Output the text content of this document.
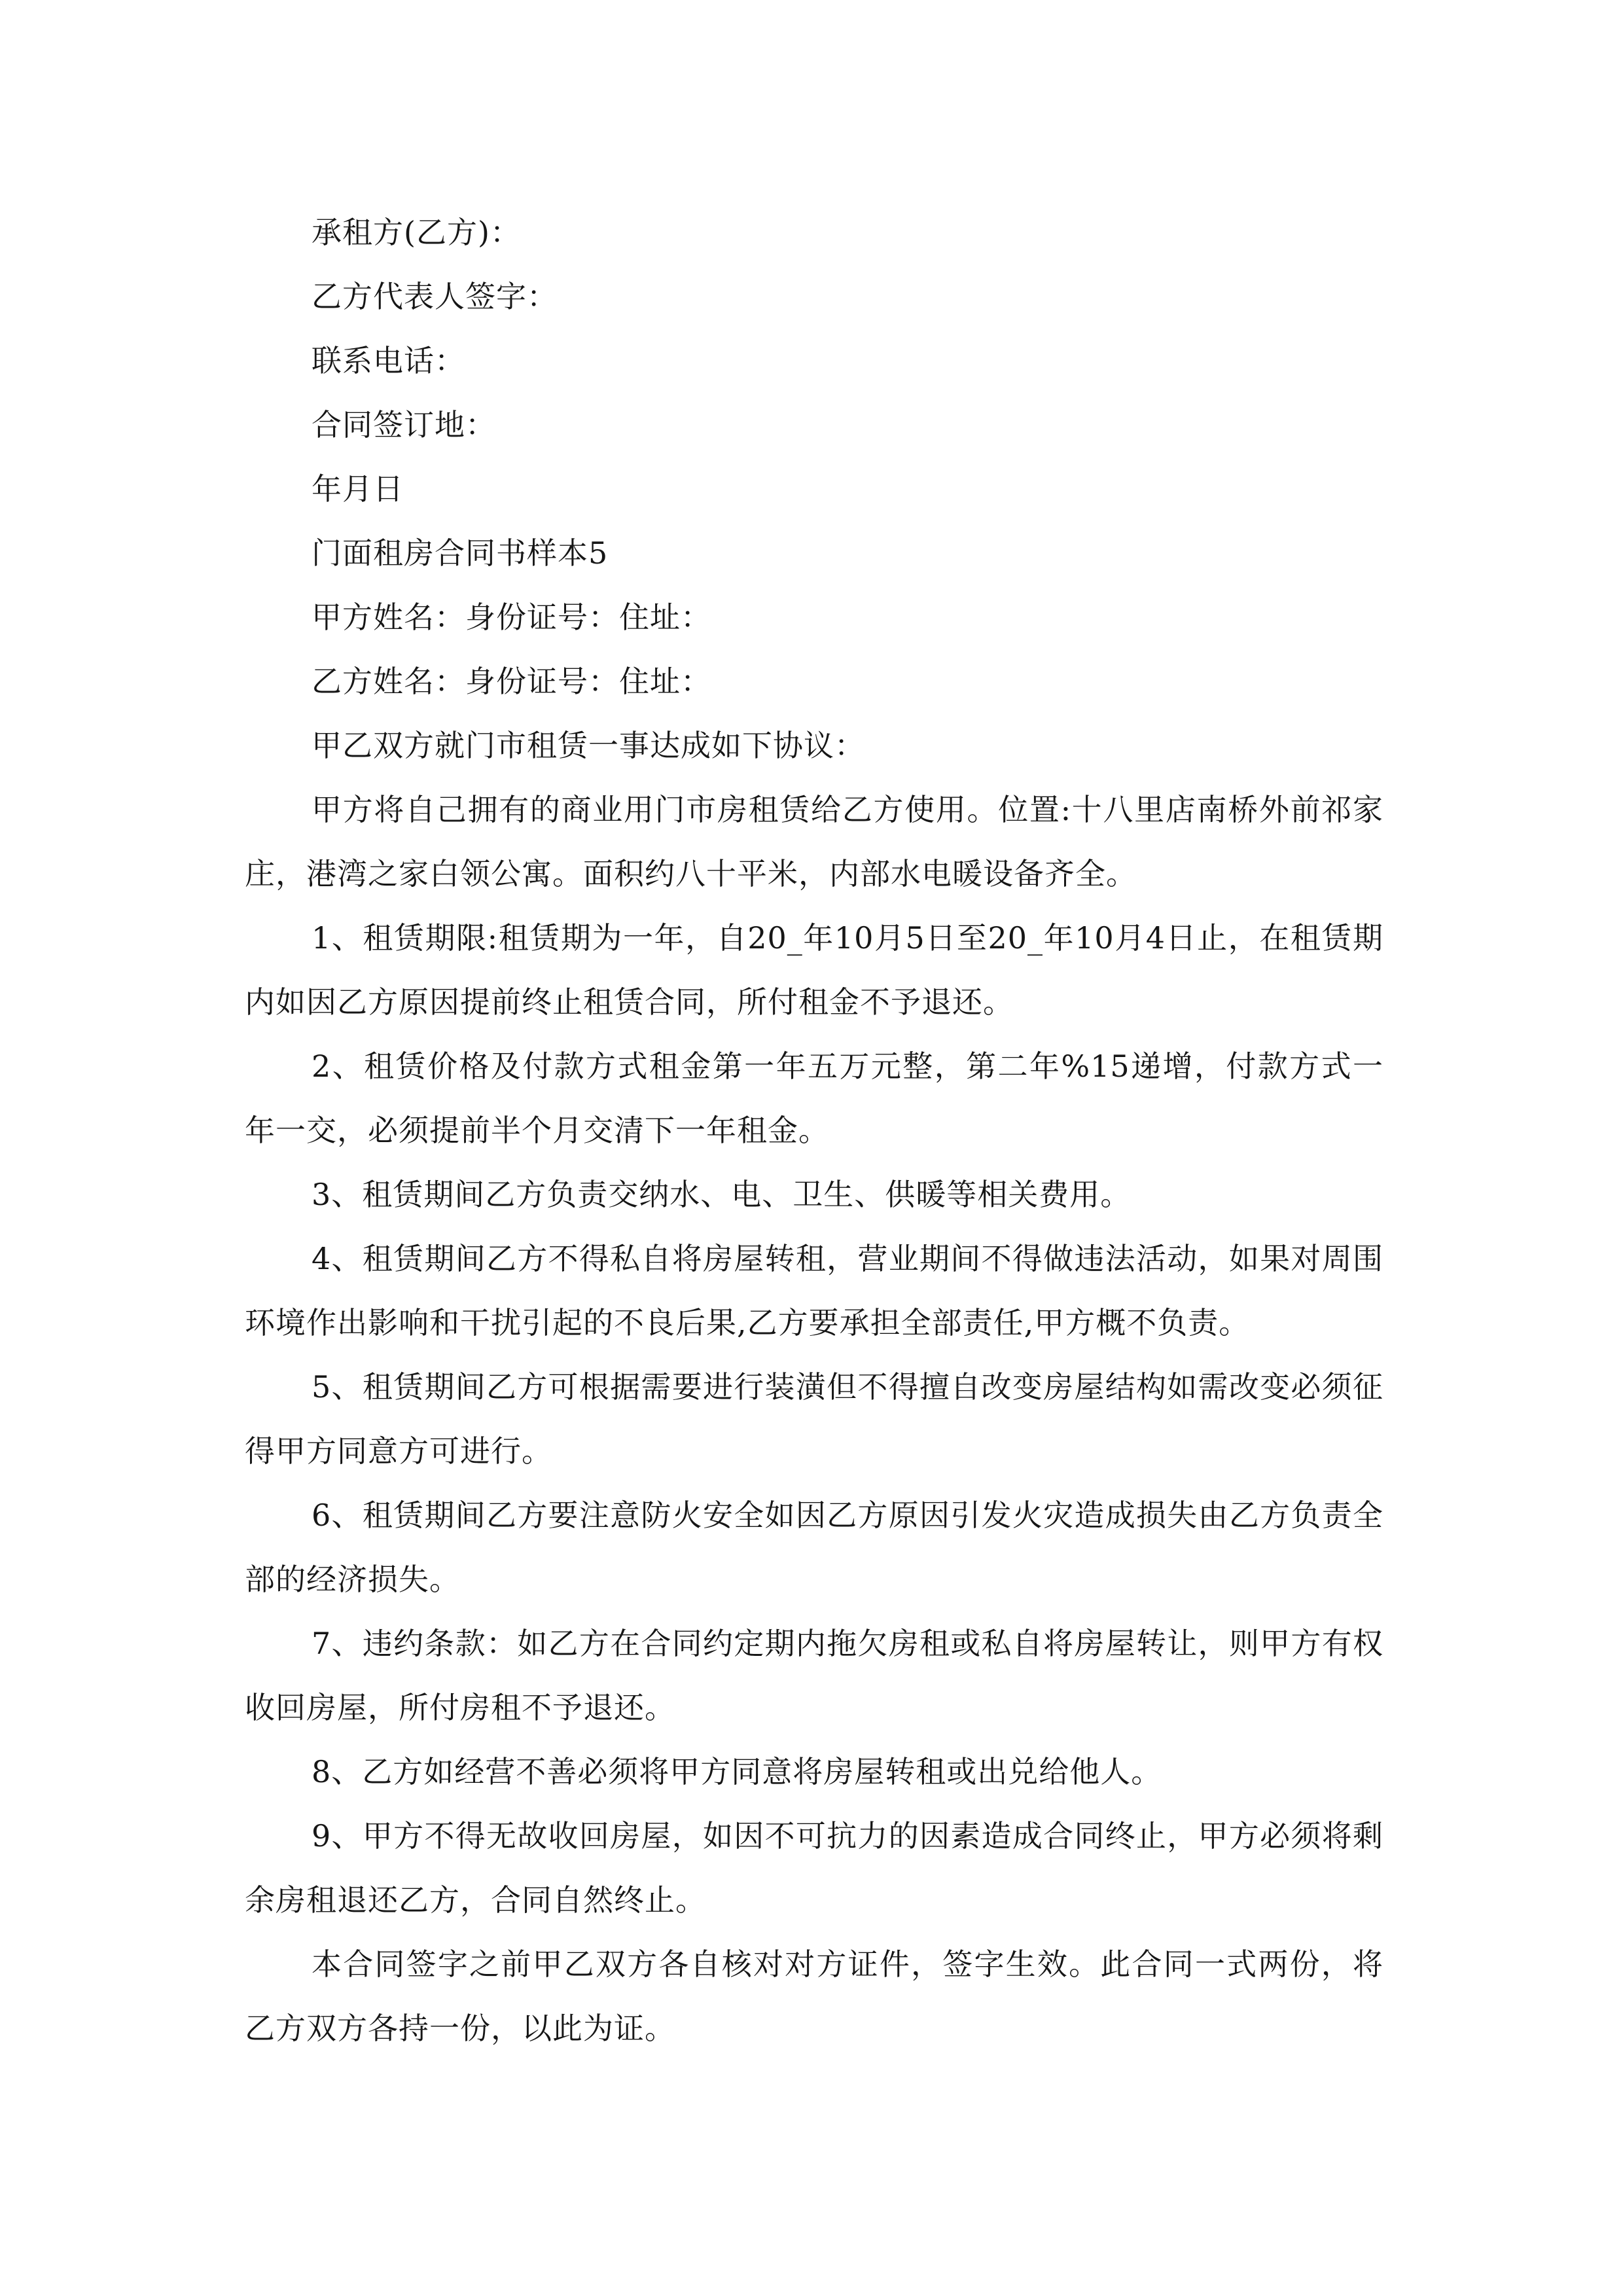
承租方(乙方)：
乙方代表人签字：
联系电话：
合同签订地：
年月日
门面租房合同书样本5
甲方姓名：身份证号：住址：
乙方姓名：身份证号：住址：
甲乙双方就门市租赁一事达成如下协议：

甲方将自己拥有的商业用门市房租赁给乙方使用。位置:十八里店南桥外前祁家庄，港湾之家白领公寓。面积约八十平米，内部水电暖设备齐全。

1、租赁期限:租赁期为一年，自20_年10月5日至20_年10月4日止，在租赁期内如因乙方原因提前终止租赁合同，所付租金不予退还。

2、租赁价格及付款方式租金第一年五万元整，第二年%15递增，付款方式一年一交，必须提前半个月交清下一年租金。

3、租赁期间乙方负责交纳水、电、卫生、供暖等相关费用。

4、租赁期间乙方不得私自将房屋转租，营业期间不得做违法活动，如果对周围环境作出影响和干扰引起的不良后果,乙方要承担全部责任,甲方概不负责。

5、租赁期间乙方可根据需要进行装潢但不得擅自改变房屋结构如需改变必须征得甲方同意方可进行。

6、租赁期间乙方要注意防火安全如因乙方原因引发火灾造成损失由乙方负责全部的经济损失。

7、违约条款：如乙方在合同约定期内拖欠房租或私自将房屋转让，则甲方有权收回房屋，所付房租不予退还。

8、乙方如经营不善必须将甲方同意将房屋转租或出兑给他人。

9、甲方不得无故收回房屋，如因不可抗力的因素造成合同终止，甲方必须将剩余房租退还乙方，合同自然终止。

本合同签字之前甲乙双方各自核对对方证件，签字生效。此合同一式两份，将乙方双方各持一份，以此为证。
